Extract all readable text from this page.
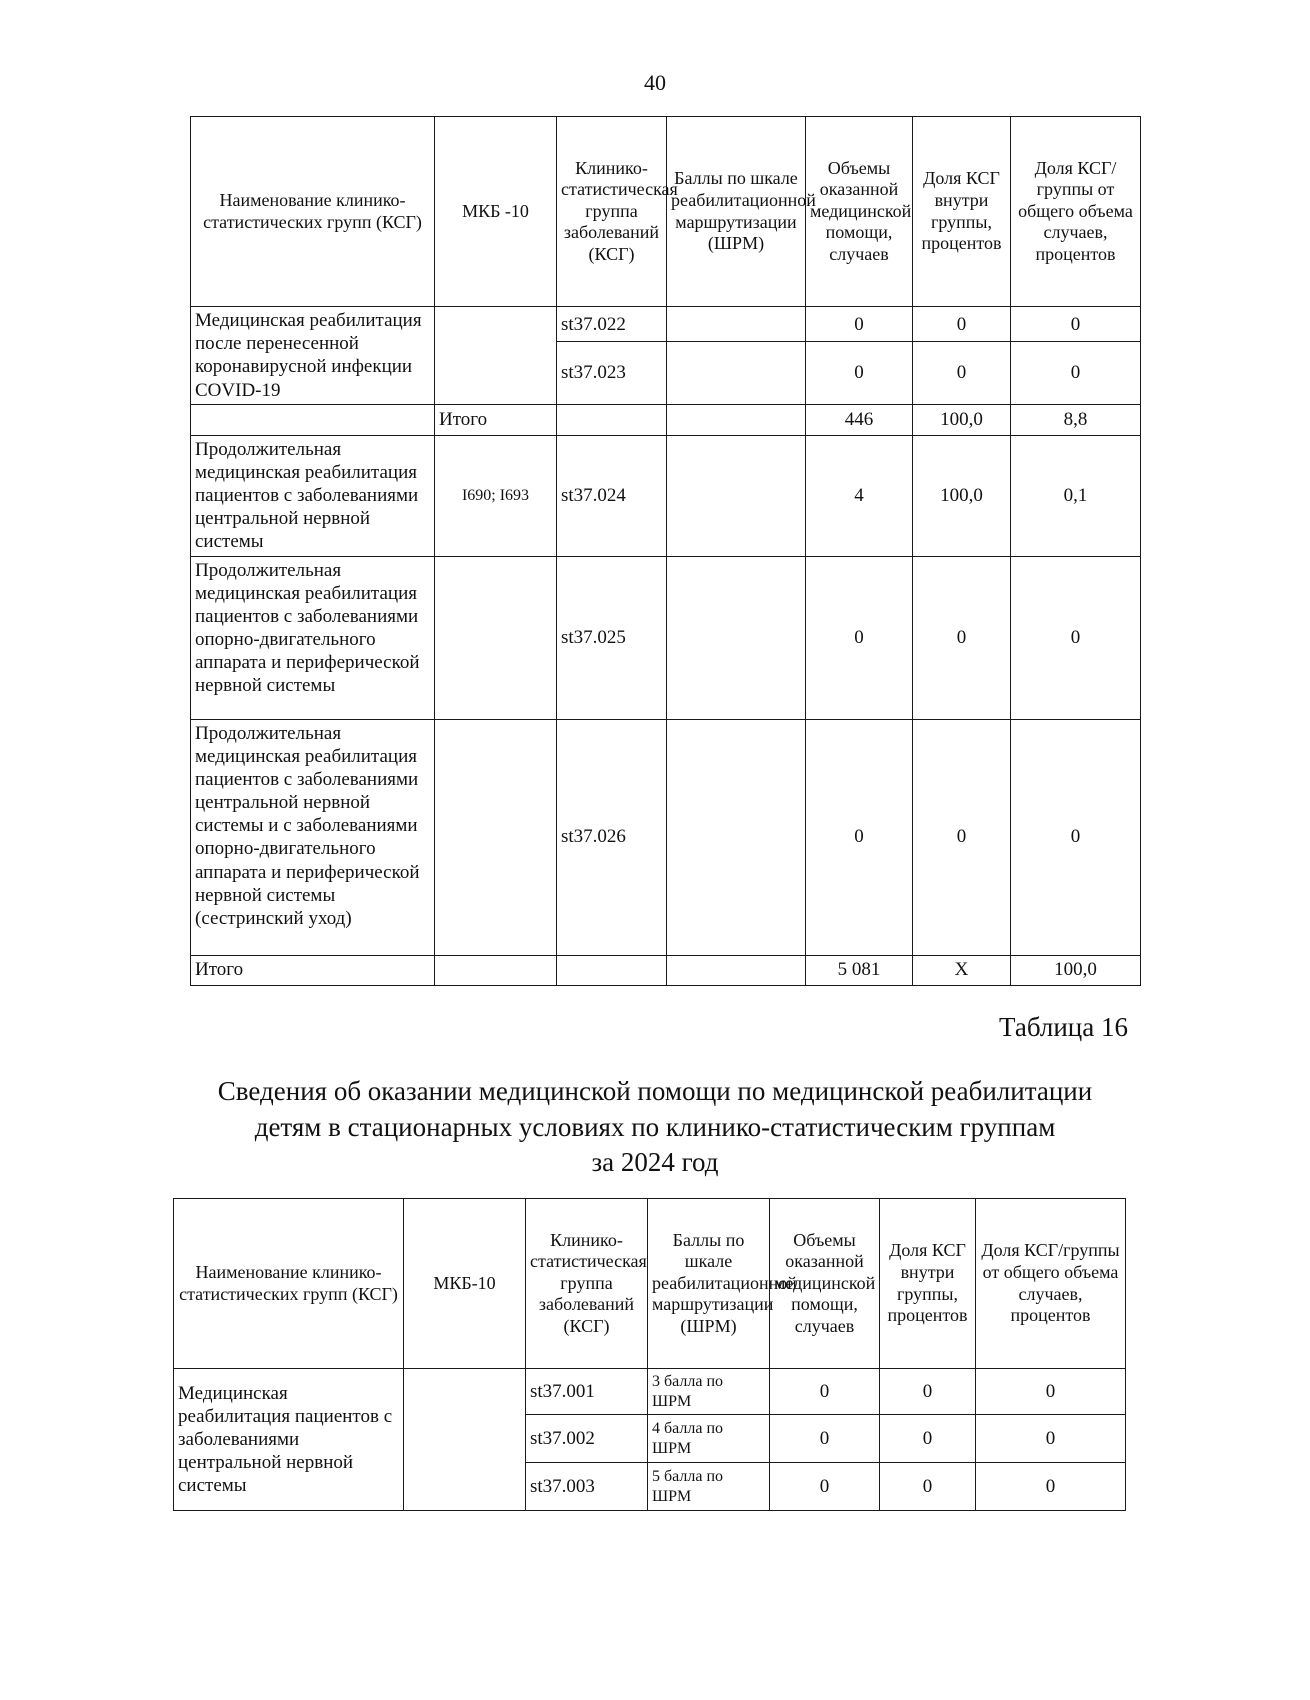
40
Наименование клинико-статистических групп (КСГ)	МКБ -10	Клинико-статистическая группа заболеваний (КСГ)	Баллы по шкале реабилитационной маршрутизации (ШРМ)	Объемы оказанной медицинской помощи, случаев	Доля КСГ внутри группы, процентов	Доля КСГ/группы от общего объема случаев, процентов
Медицинская реабилитация после перенесенной коронавирусной инфекции COVID-19		st37.022		0	0	0
		st37.023		0	0	0
	Итого			446	100,0	8,8
Продолжительная медицинская реабилитация пациентов с заболеваниями центральной нервной системы	I690; I693	st37.024		4	100,0	0,1
Продолжительная медицинская реабилитация пациентов с заболеваниями опорно-двигательного аппарата и периферической нервной системы		st37.025		0	0	0
Продолжительная медицинская реабилитация пациентов с заболеваниями центральной нервной системы и с заболеваниями опорно-двигательного аппарата и периферической нервной системы (сестринский уход)		st37.026		0	0	0
Итого				5 081	X	100,0
Таблица 16
Сведения об оказании медицинской помощи по медицинской реабилитации
детям в стационарных условиях по клинико-статистическим группам
за 2024 год
Наименование клинико-статистических групп (КСГ)	МКБ-10	Клинико-статистическая группа заболеваний (КСГ)	Баллы по шкале реабилитационной маршрутизации (ШРМ)	Объемы оказанной медицинской помощи, случаев	Доля КСГ внутри группы, процентов	Доля КСГ/группы от общего объема случаев, процентов
Медицинская реабилитация пациентов с заболеваниями центральной нервной системы		st37.001	3 балла по ШРМ	0	0	0
		st37.002	4 балла по ШРМ	0	0	0
		st37.003	5 балла по ШРМ	0	0	0
